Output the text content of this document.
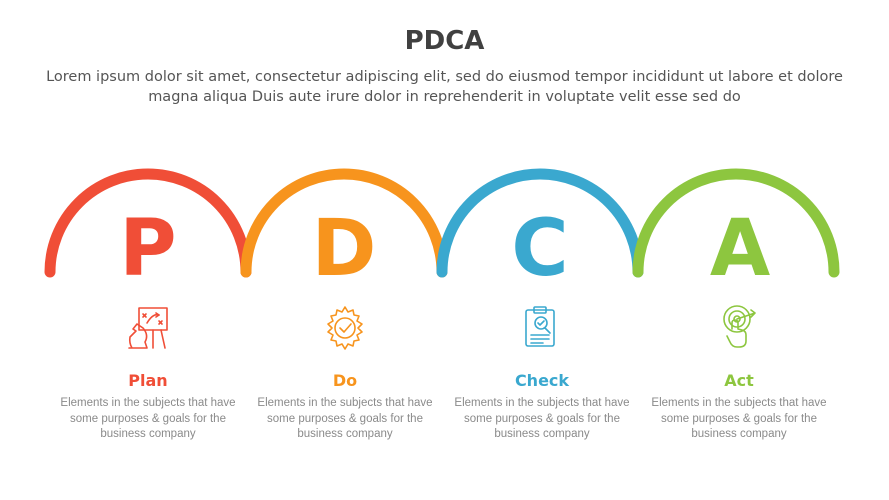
PDCA
Lorem ipsum dolor sit amet, consectetur adipiscing elit, sed do eiusmod tempor incididunt ut labore et dolore magna aliqua Duis aute irure dolor in reprehenderit in voluptate velit esse sed do
P D C A
Plan	Do	Check	Act
Elements in the subjects that have some purposes & goals for the business company
Elements in the subjects that have some purposes & goals for the business company
Elements in the subjects that have some purposes & goals for the business company
Elements in the subjects that have some purposes & goals for the business company
